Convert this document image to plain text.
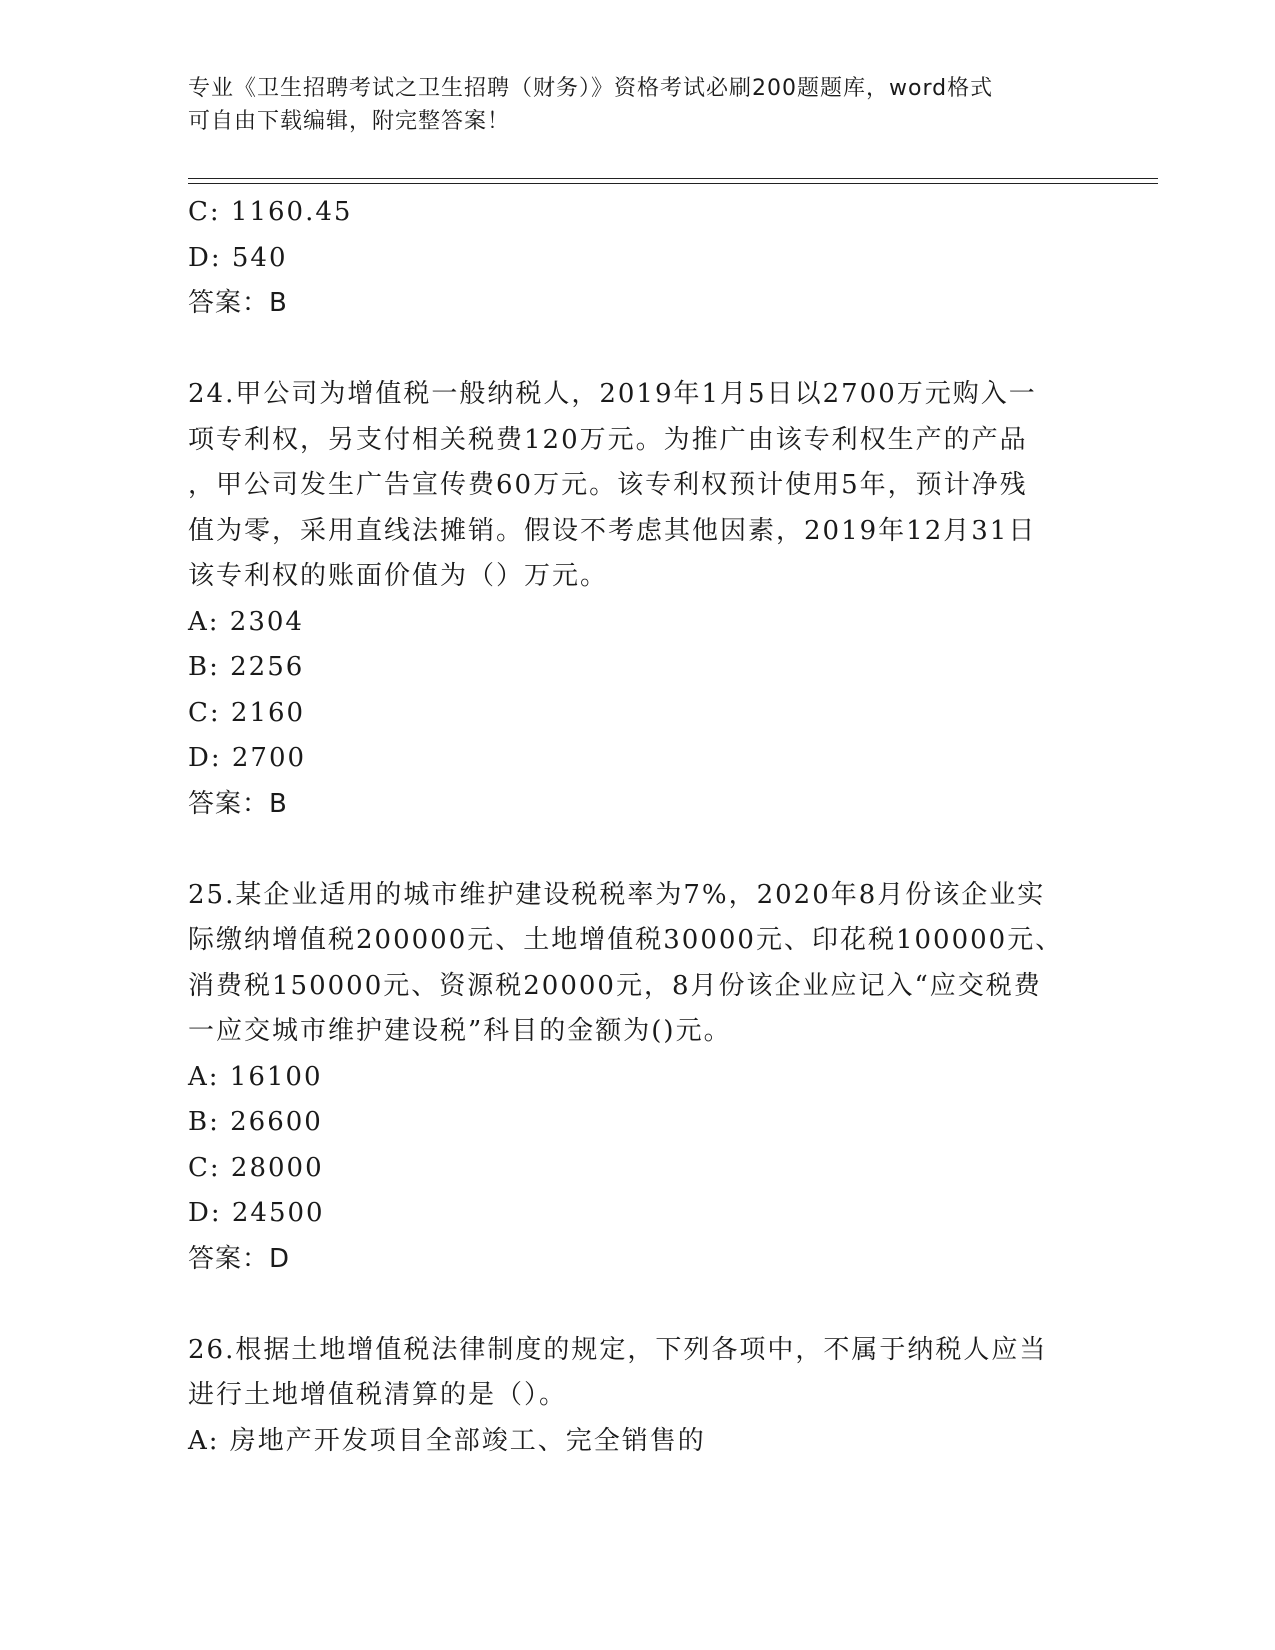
专业《卫生招聘考试之卫生招聘（财务）》资格考试必刷200题题库，word格式
可自由下载编辑，附完整答案！
C: 1160.45
D: 540
答案：B
24.甲公司为增值税一般纳税人，2019年1月5日以2700万元购入一
项专利权，另支付相关税费120万元。为推广由该专利权生产的产品
，甲公司发生广告宣传费60万元。该专利权预计使用5年，预计净残
值为零，采用直线法摊销。假设不考虑其他因素，2019年12月31日
该专利权的账面价值为（）万元。
A: 2304
B: 2256
C: 2160
D: 2700
答案：B
25.某企业适用的城市维护建设税税率为7%，2020年8月份该企业实
际缴纳增值税200000元、土地增值税30000元、印花税100000元、
消费税150000元、资源税20000元，8月份该企业应记入“应交税费
一应交城市维护建设税”科目的金额为()元。
A: 16100
B: 26600
C: 28000
D: 24500
答案：D
26.根据土地增值税法律制度的规定，下列各项中，不属于纳税人应当
进行土地增值税清算的是（）。
A: 房地产开发项目全部竣工、完全销售的
